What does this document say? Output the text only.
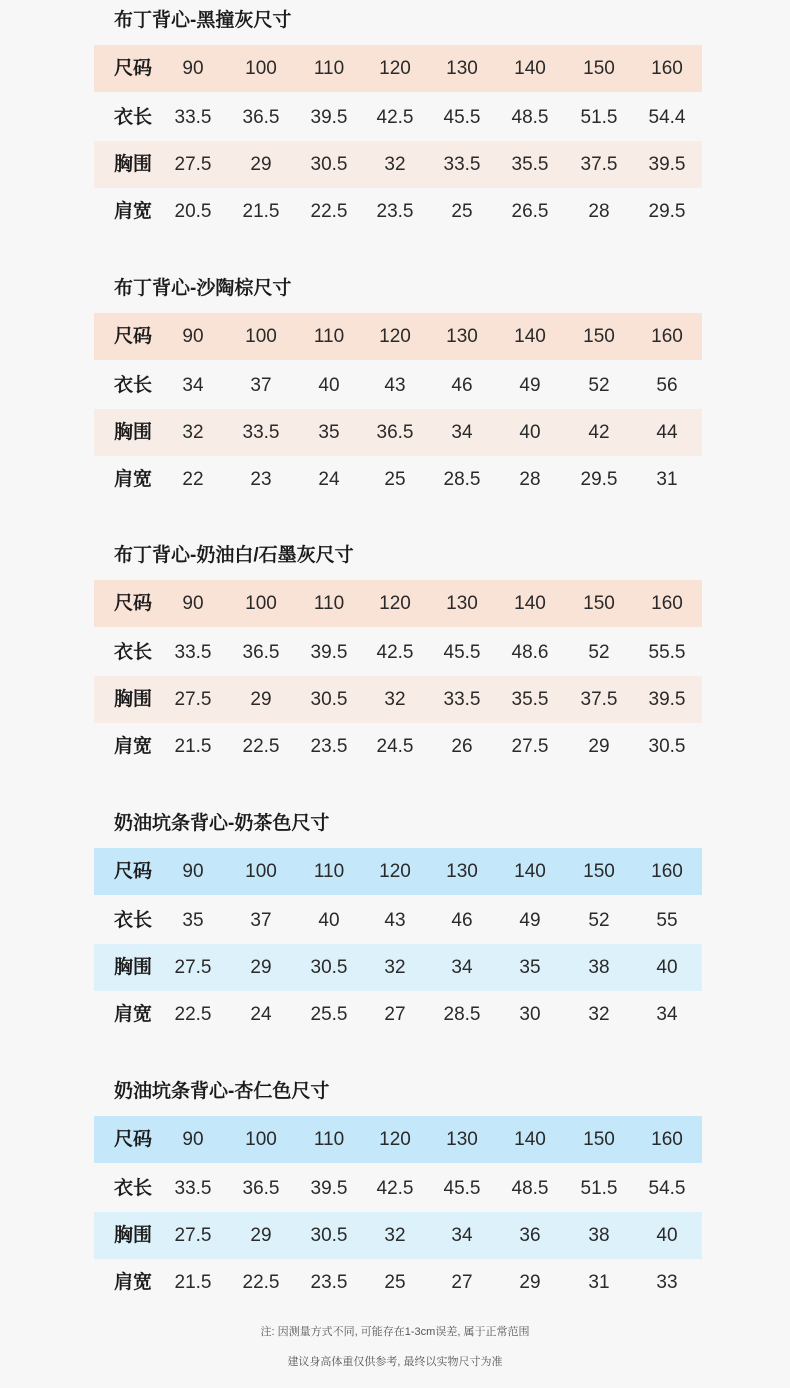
布丁背心-黑撞灰尺寸
尺码	90	100	110	120	130	140	150	160
衣长	33.5	36.5	39.5	42.5	45.5	48.5	51.5	54.4
胸围	27.5	29	30.5	32	33.5	35.5	37.5	39.5
肩宽	20.5	21.5	22.5	23.5	25	26.5	28	29.5
布丁背心-沙陶棕尺寸
尺码	90	100	110	120	130	140	150	160
衣长	34	37	40	43	46	49	52	56
胸围	32	33.5	35	36.5	34	40	42	44
肩宽	22	23	24	25	28.5	28	29.5	31
布丁背心-奶油白/石墨灰尺寸
尺码	90	100	110	120	130	140	150	160
衣长	33.5	36.5	39.5	42.5	45.5	48.6	52	55.5
胸围	27.5	29	30.5	32	33.5	35.5	37.5	39.5
肩宽	21.5	22.5	23.5	24.5	26	27.5	29	30.5
奶油坑条背心-奶茶色尺寸
尺码	90	100	110	120	130	140	150	160
衣长	35	37	40	43	46	49	52	55
胸围	27.5	29	30.5	32	34	35	38	40
肩宽	22.5	24	25.5	27	28.5	30	32	34
奶油坑条背心-杏仁色尺寸
尺码	90	100	110	120	130	140	150	160
衣长	33.5	36.5	39.5	42.5	45.5	48.5	51.5	54.5
胸围	27.5	29	30.5	32	34	36	38	40
肩宽	21.5	22.5	23.5	25	27	29	31	33
注: 因测量方式不同, 可能存在1-3cm误差, 属于正常范围
建议身高体重仅供参考, 最终以实物尺寸为准
